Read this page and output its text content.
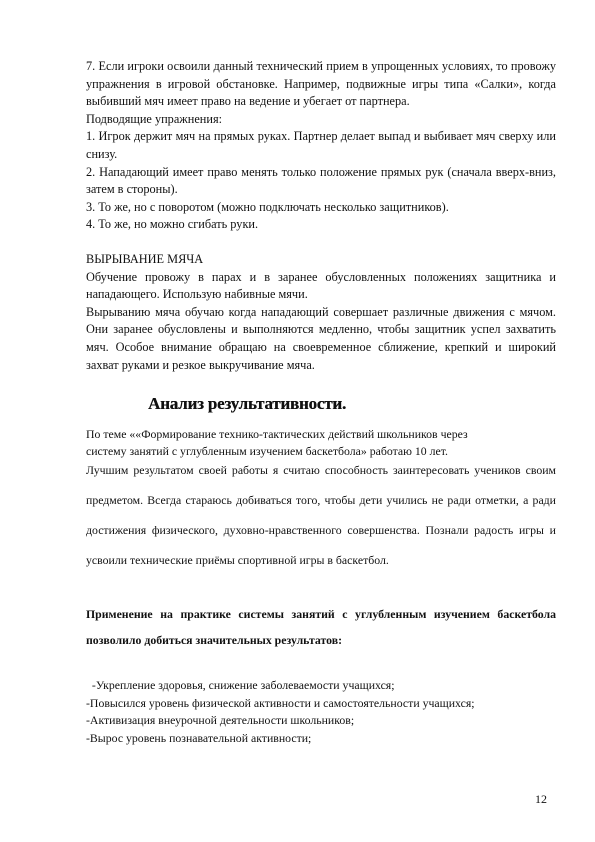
7. Если игроки освоили данный технический прием в упрощенных условиях, то провожу упражнения в игровой обстановке. Например, подвижные игры типа «Салки», когда выбивший мяч имеет право на ведение и убегает от партнера.

Подводящие упражнения:

1. Игрок держит мяч на прямых руках. Партнер делает выпад и выбивает мяч сверху или снизу.

2. Нападающий имеет право менять только положение прямых рук (сначала вверх-вниз, затем в стороны).

3. То же, но с поворотом (можно подключать несколько защитников).

4. То же, но можно сгибать руки.

ВЫРЫВАНИЕ МЯЧА

Обучение провожу в парах и в заранее обусловленных положениях защитника и нападающего. Использую набивные мячи.

Вырыванию мяча обучаю когда нападающий совершает различные движения с мячом. Они заранее обусловлены и выполняются медленно, чтобы защитник успел захватить мяч. Особое внимание обращаю на своевременное сближение, крепкий и широкий захват руками и резкое выкручивание мяча.

Анализ результативности.

По теме ««Формирование технико-тактических действий школьников через

систему занятий с углубленным изучением баскетбола» работаю 10 лет.

Лучшим результатом своей работы я считаю способность заинтересовать учеников своим предметом. Всегда стараюсь добиваться того, чтобы дети учились не ради отметки, а ради достижения физического, духовно-нравственного совершенства. Познали радость игры и усвоили технические приёмы спортивной игры в баскетбол.

Применение на практике системы занятий с углубленным изучением баскетбола позволило добиться значительных результатов:

-Укрепление здоровья, снижение заболеваемости учащихся;

-Повысился уровень физической активности и самостоятельности учащихся;

-Активизация внеурочной деятельности школьников;

-Вырос уровень познавательной активности;

12
